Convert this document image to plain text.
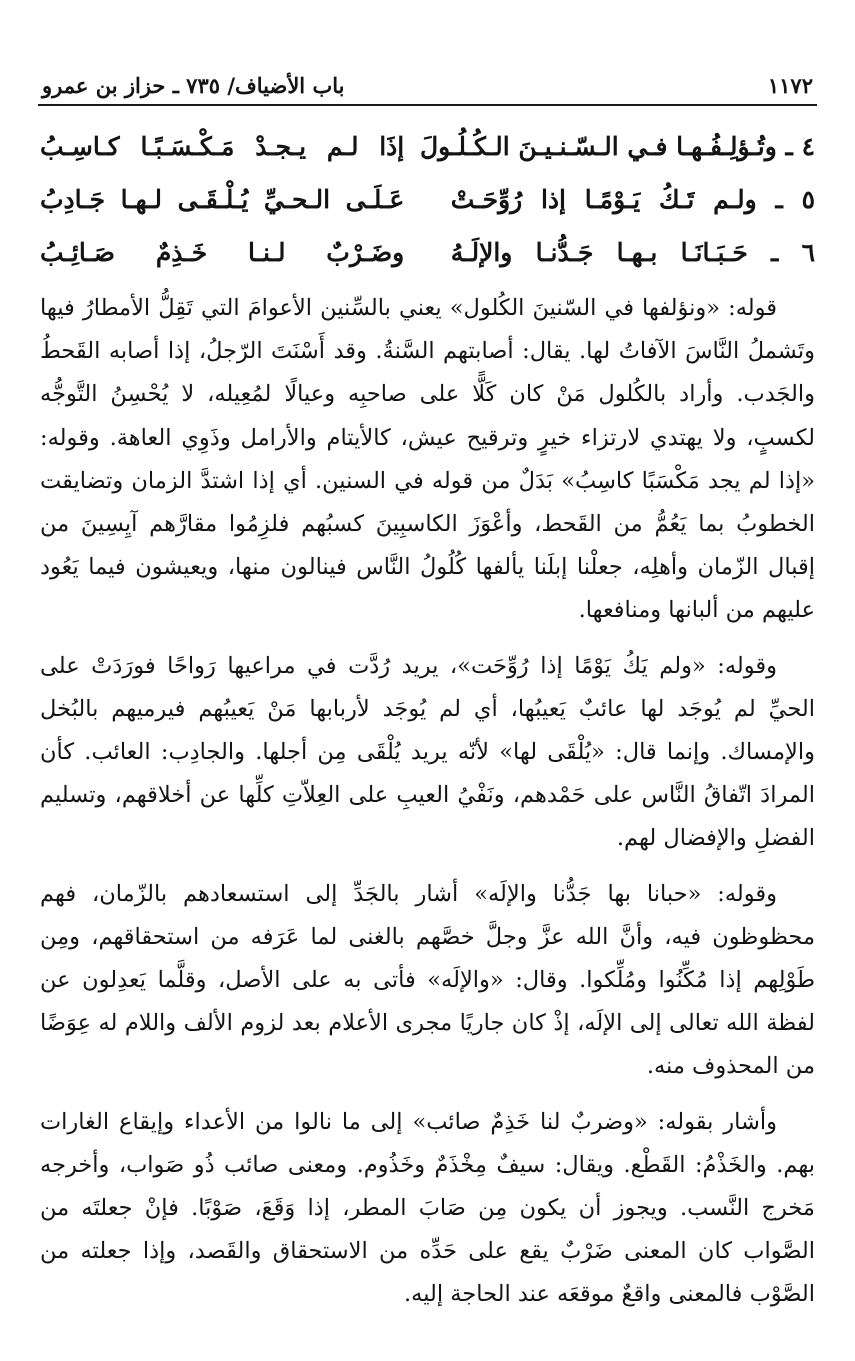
١١٧٢
باب الأضياف/ ٧٣٥ ـ حزاز بن عمرو
٤ ـ وتُـؤلِـفُـهـا فـي الـسّـنـيـنَ الـكُـلُـولَ
إذَا لـم يـجـدْ مَـكْـسَـبًـا كـاسِـبُ
٥ ـ ولـم تَـكُ يَـوْمًـا إذا رُوِّحَـتْ
عَـلَـى الـحـيِّ يُـلْـقَـى لـهـا جَـادِبُ
٦ ـ حَـبَـانَـا بـهـا جَـدُّنـا والإلَـهُ
وضَـرْبٌ لـنـا خَـذِمٌ صَـائِـبُ

قوله: «ونؤلفها في السّنينَ الكُلول» يعني بالسِّنين الأعوامَ التي تَقِلُّ الأمطارُ فيها وتَشملُ النَّاسَ الآفاتُ لها. يقال: أصابتهم السَّنةُ. وقد أَسْنَتَ الرّجلُ، إذا أصابه القَحطُ والجَدب. وأراد بالكُلول مَنْ كان كَلًّا على صاحبِه وعيالًا لمُعِيله، لا يُحْسِنُ التَّوجُّه لكسبٍ، ولا يهتدي لارتزاء خيرٍ وترقيح عيش، كالأيتام والأرامل وذَوِي العاهة. وقوله: «إذا لم يجد مَكْسَبًا كاسِبُ» بَدَلٌ من قوله في السنين. أي إذا اشتدَّ الزمان وتضايقت الخطوبُ بما يَعُمُّ من القَحط، وأعْوَزَ الكاسبِينَ كسبُهم فلزِمُوا مقارَّهم آيِسِينَ من إقبال الزّمان وأهلِه، جعلْنا إبلَنا يألفها كُلُولُ النَّاس فينالون منها، ويعيشون فيما يَعُود عليهم من ألبانها ومنافعها.

وقوله: «ولم يَكُ يَوْمًا إذا رُوِّحَت»، يريد رُدَّت في مراعيها رَواحًا فورَدَتْ على الحيِّ لم يُوجَد لها عائبٌ يَعيبُها، أي لم يُوجَد لأربابها مَنْ يَعيبُهم فيرميهم بالبُخل والإمساك. وإنما قال: «يُلْقَى لها» لأنّه يريد يُلْقَى مِن أجلها. والجادِب: العائب. كأن المرادَ اتّفاقُ النَّاس على حَمْدهم، ونَفْيُ العيبِ على العِلاّتِ كلِّها عن أخلاقهم، وتسليم الفضلِ والإفضال لهم.

وقوله: «حبانا بها جَدُّنا والإلَه» أشار بالجَدِّ إلى استسعادهم بالزّمان، فهم محظوظون فيه، وأنَّ الله عزَّ وجلَّ خصَّهم بالغنى لما عَرَفه من استحقاقهم، ومِن طَوْلِهم إذا مُكِّنُوا ومُلِّكوا. وقال: «والإلَه» فأتى به على الأصل، وقلَّما يَعدِلون عن لفظة الله تعالى إلى الإلَه، إذْ كان جاريًا مجرى الأعلام بعد لزوم الألف واللام له عِوَضًا من المحذوف منه.

وأشار بقوله: «وضربٌ لنا خَذِمٌ صائب» إلى ما نالوا من الأعداء وإيقاع الغارات بهم. والخَذْمُ: القَطْع. ويقال: سيفٌ مِخْذَمٌ وخَذُوم. ومعنى صائب ذُو صَواب، وأخرجه مَخرج النَّسب. ويجوز أن يكون مِن صَابَ المطر، إذا وَقَعَ، صَوْبًا. فإنْ جعلتَه من الصَّواب كان المعنى ضَرْبٌ يقع على حَدِّه من الاستحقاق والقَصد، وإذا جعلته من الصَّوْب فالمعنى واقعٌ موقعَه عند الحاجة إليه.
